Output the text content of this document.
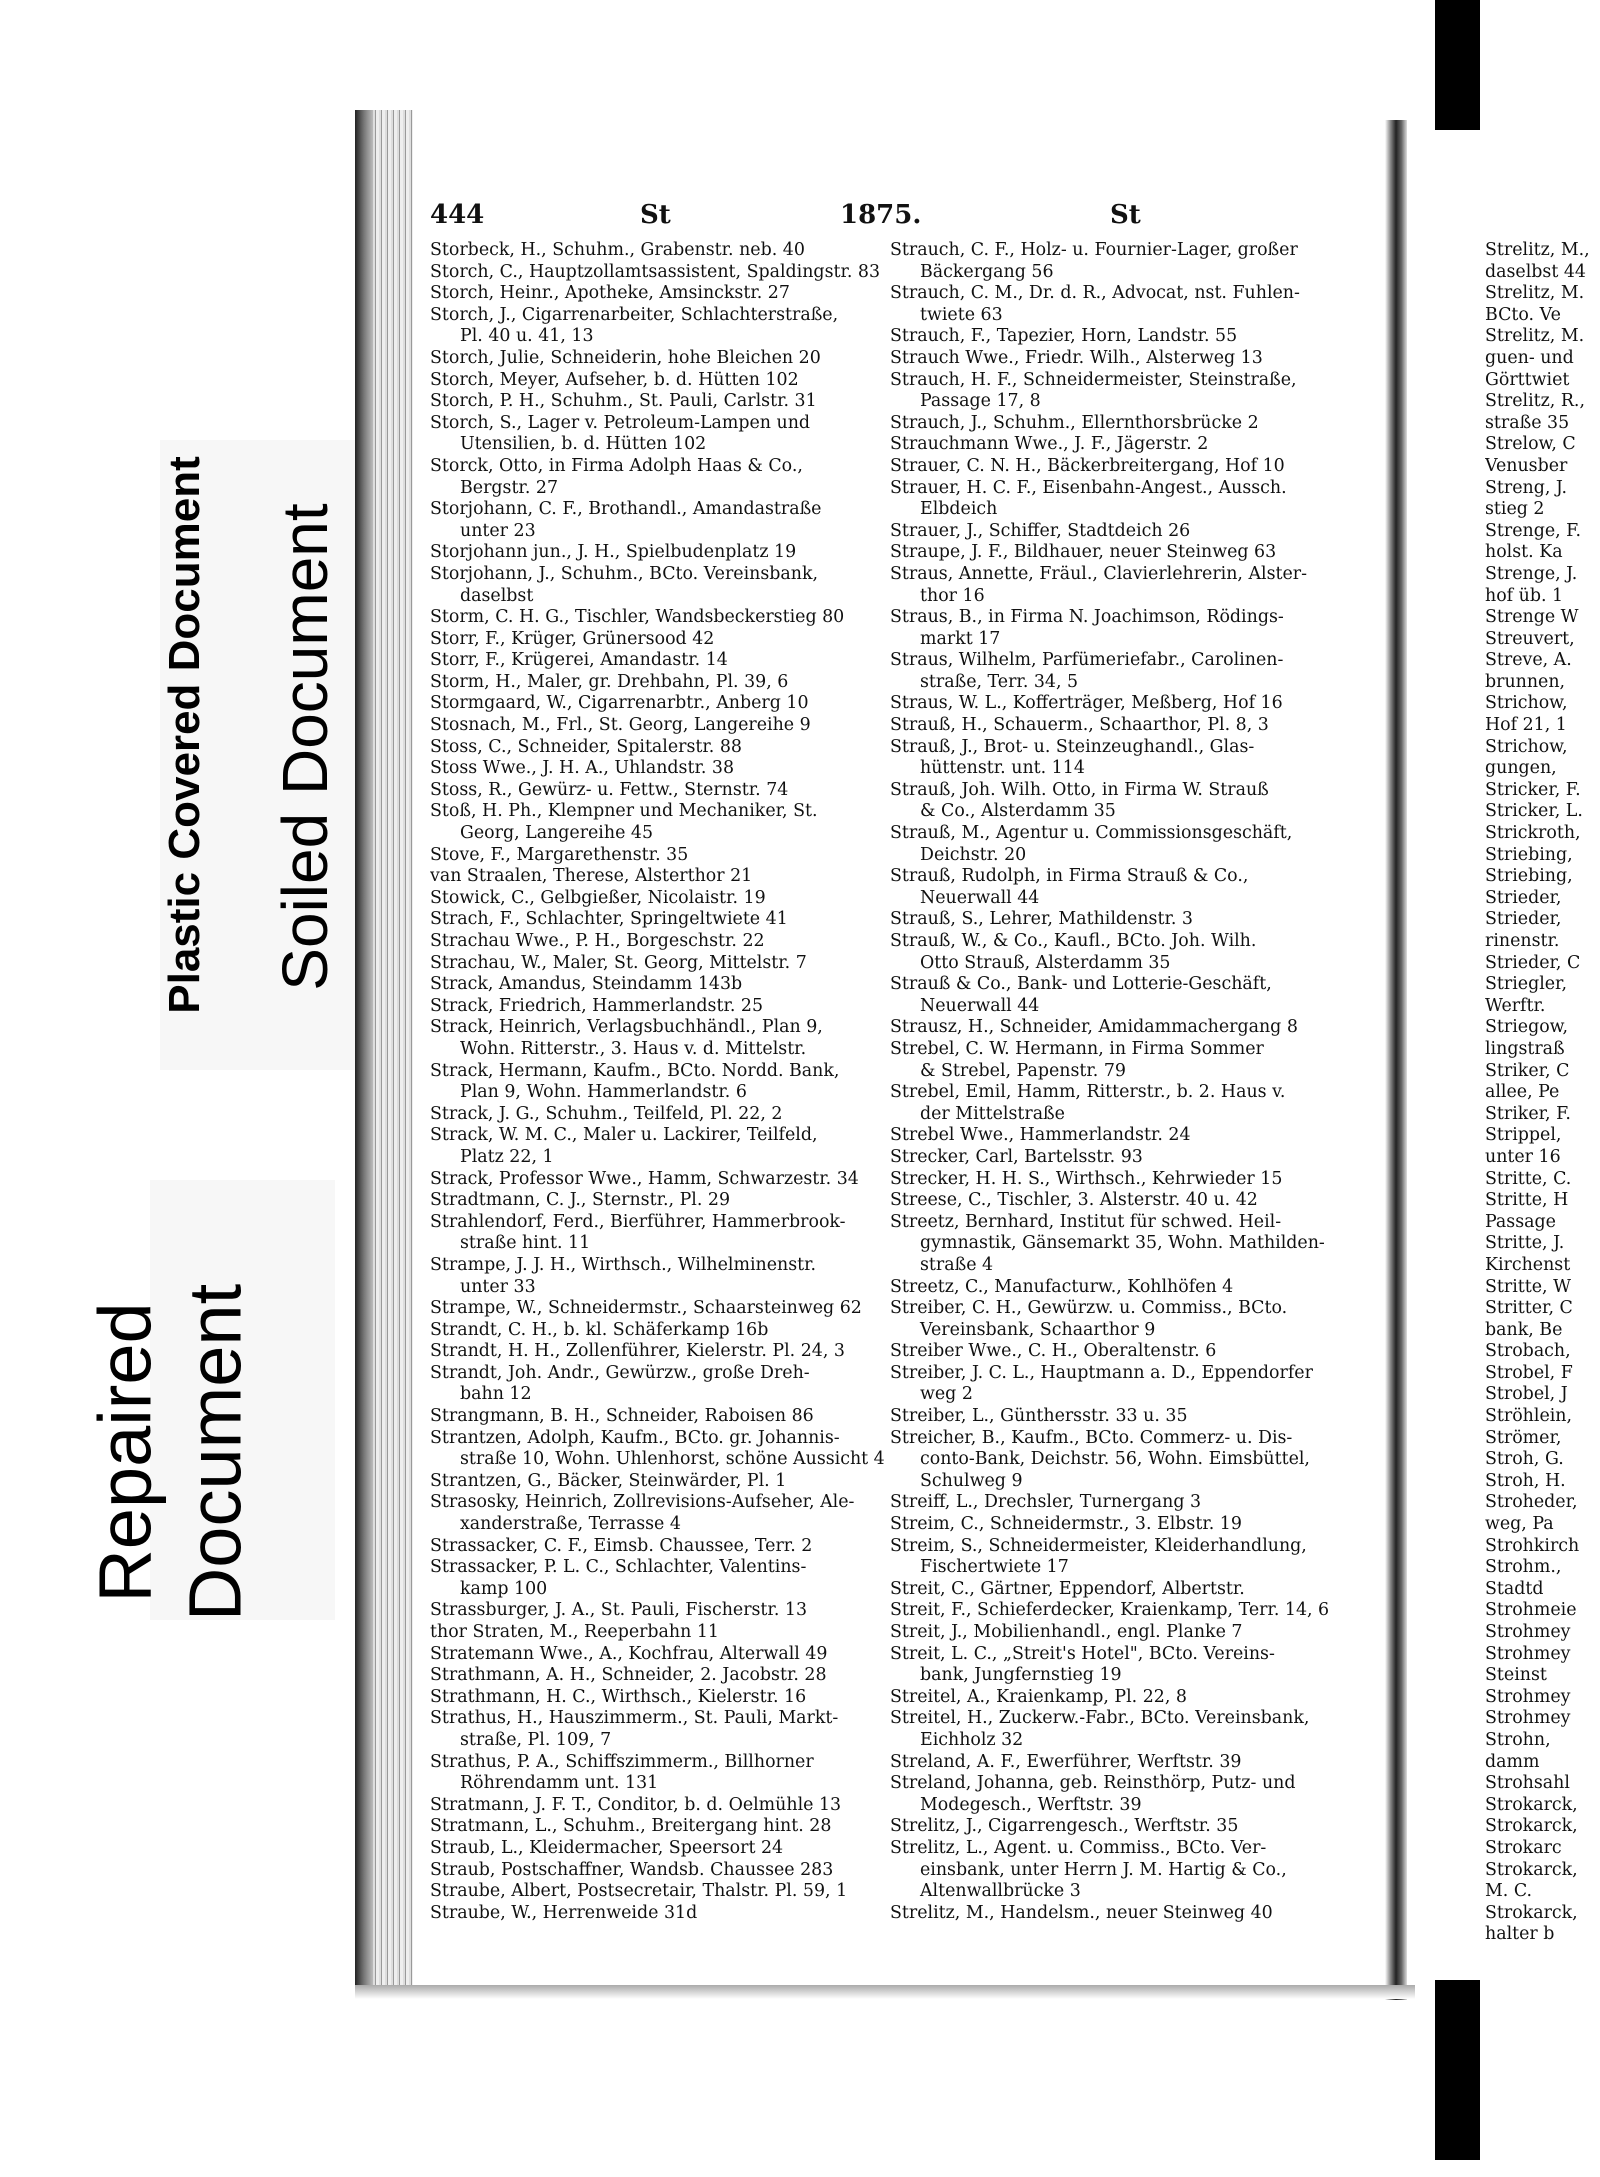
Plastic Covered Document Soiled Document
Repaired Document
444	St	1875.	St
Storbeck, H., Schuhm., Grabenstr. neb. 40
Storch, C., Hauptzollamtsassistent, Spaldingstr. 83
Storch, Heinr., Apotheke, Amsinckstr. 27
Storch, J., Cigarrenarbeiter, Schlachterstraße,
Pl. 40 u. 41, 13
Storch, Julie, Schneiderin, hohe Bleichen 20
Storch, Meyer, Aufseher, b. d. Hütten 102
Storch, P. H., Schuhm., St. Pauli, Carlstr. 31
Storch, S., Lager v. Petroleum-Lampen und
Utensilien, b. d. Hütten 102
Storck, Otto, in Firma Adolph Haas & Co.,
Bergstr. 27
Storjohann, C. F., Brothandl., Amandastraße
unter 23
Storjohann jun., J. H., Spielbudenplatz 19
Storjohann, J., Schuhm., BCto. Vereinsbank,
daselbst
Storm, C. H. G., Tischler, Wandsbeckerstieg 80
Storr, F., Krüger, Grünersood 42
Storr, F., Krügerei, Amandastr. 14
Storm, H., Maler, gr. Drehbahn, Pl. 39, 6
Stormgaard, W., Cigarrenarbtr., Anberg 10
Stosnach, M., Frl., St. Georg, Langereihe 9
Stoss, C., Schneider, Spitalerstr. 88
Stoss Wwe., J. H. A., Uhlandstr. 38
Stoss, R., Gewürz- u. Fettw., Sternstr. 74
Stoß, H. Ph., Klempner und Mechaniker, St.
Georg, Langereihe 45
Stove, F., Margarethenstr. 35
van Straalen, Therese, Alsterthor 21
Stowick, C., Gelbgießer, Nicolaistr. 19
Strach, F., Schlachter, Springeltwiete 41
Strachau Wwe., P. H., Borgeschstr. 22
Strachau, W., Maler, St. Georg, Mittelstr. 7
Strack, Amandus, Steindamm 143b
Strack, Friedrich, Hammerlandstr. 25
Strack, Heinrich, Verlagsbuchhändl., Plan 9,
Wohn. Ritterstr., 3. Haus v. d. Mittelstr.
Strack, Hermann, Kaufm., BCto. Nordd. Bank,
Plan 9, Wohn. Hammerlandstr. 6
Strack, J. G., Schuhm., Teilfeld, Pl. 22, 2
Strack, W. M. C., Maler u. Lackirer, Teilfeld,
Platz 22, 1
Strack, Professor Wwe., Hamm, Schwarzestr. 34
Stradtmann, C. J., Sternstr., Pl. 29
Strahlendorf, Ferd., Bierführer, Hammerbrook-
straße hint. 11
Strampe, J. J. H., Wirthsch., Wilhelminenstr.
unter 33
Strampe, W., Schneidermstr., Schaarsteinweg 62
Strandt, C. H., b. kl. Schäferkamp 16b
Strandt, H. H., Zollenführer, Kielerstr. Pl. 24, 3
Strandt, Joh. Andr., Gewürzw., große Dreh-
bahn 12
Strangmann, B. H., Schneider, Raboisen 86
Strantzen, Adolph, Kaufm., BCto. gr. Johannis-
straße 10, Wohn. Uhlenhorst, schöne Aussicht 4
Strantzen, G., Bäcker, Steinwärder, Pl. 1
Strasosky, Heinrich, Zollrevisions-Aufseher, Ale-
xanderstraße, Terrasse 4
Strassacker, C. F., Eimsb. Chaussee, Terr. 2
Strassacker, P. L. C., Schlachter, Valentins-
kamp 100
Strassburger, J. A., St. Pauli, Fischerstr. 13
thor Straten, M., Reeperbahn 11
Stratemann Wwe., A., Kochfrau, Alterwall 49
Strathmann, A. H., Schneider, 2. Jacobstr. 28
Strathmann, H. C., Wirthsch., Kielerstr. 16
Strathus, H., Hauszimmerm., St. Pauli, Markt-
straße, Pl. 109, 7
Strathus, P. A., Schiffszimmerm., Billhorner
Röhrendamm unt. 131
Stratmann, J. F. T., Conditor, b. d. Oelmühle 13
Stratmann, L., Schuhm., Breitergang hint. 28
Straub, L., Kleidermacher, Speersort 24
Straub, Postschaffner, Wandsb. Chaussee 283
Straube, Albert, Postsecretair, Thalstr. Pl. 59, 1
Straube, W., Herrenweide 31d
Strauch, C. F., Holz- u. Fournier-Lager, großer
Bäckergang 56
Strauch, C. M., Dr. d. R., Advocat, nst. Fuhlen-
twiete 63
Strauch, F., Tapezier, Horn, Landstr. 55
Strauch Wwe., Friedr. Wilh., Alsterweg 13
Strauch, H. F., Schneidermeister, Steinstraße,
Passage 17, 8
Strauch, J., Schuhm., Ellernthorsbrücke 2
Strauchmann Wwe., J. F., Jägerstr. 2
Strauer, C. N. H., Bäckerbreitergang, Hof 10
Strauer, H. C. F., Eisenbahn-Angest., Aussch.
Elbdeich
Strauer, J., Schiffer, Stadtdeich 26
Straupe, J. F., Bildhauer, neuer Steinweg 63
Straus, Annette, Fräul., Clavierlehrerin, Alster-
thor 16
Straus, B., in Firma N. Joachimson, Rödings-
markt 17
Straus, Wilhelm, Parfümeriefabr., Carolinen-
straße, Terr. 34, 5
Straus, W. L., Kofferträger, Meßberg, Hof 16
Strauß, H., Schauerm., Schaarthor, Pl. 8, 3
Strauß, J., Brot- u. Steinzeughandl., Glas-
hüttenstr. unt. 114
Strauß, Joh. Wilh. Otto, in Firma W. Strauß
& Co., Alsterdamm 35
Strauß, M., Agentur u. Commissionsgeschäft,
Deichstr. 20
Strauß, Rudolph, in Firma Strauß & Co.,
Neuerwall 44
Strauß, S., Lehrer, Mathildenstr. 3
Strauß, W., & Co., Kaufl., BCto. Joh. Wilh.
Otto Strauß, Alsterdamm 35
Strauß & Co., Bank- und Lotterie-Geschäft,
Neuerwall 44
Strausz, H., Schneider, Amidammachergang 8
Strebel, C. W. Hermann, in Firma Sommer
& Strebel, Papenstr. 79
Strebel, Emil, Hamm, Ritterstr., b. 2. Haus v.
der Mittelstraße
Strebel Wwe., Hammerlandstr. 24
Strecker, Carl, Bartelsstr. 93
Strecker, H. H. S., Wirthsch., Kehrwieder 15
Streese, C., Tischler, 3. Alsterstr. 40 u. 42
Streetz, Bernhard, Institut für schwed. Heil-
gymnastik, Gänsemarkt 35, Wohn. Mathilden-
straße 4
Streetz, C., Manufacturw., Kohlhöfen 4
Streiber, C. H., Gewürzw. u. Commiss., BCto.
Vereinsbank, Schaarthor 9
Streiber Wwe., C. H., Oberaltenstr. 6
Streiber, J. C. L., Hauptmann a. D., Eppendorfer
weg 2
Streiber, L., Günthersstr. 33 u. 35
Streicher, B., Kaufm., BCto. Commerz- u. Dis-
conto-Bank, Deichstr. 56, Wohn. Eimsbüttel,
Schulweg 9
Streiff, L., Drechsler, Turnergang 3
Streim, C., Schneidermstr., 3. Elbstr. 19
Streim, S., Schneidermeister, Kleiderhandlung,
Fischertwiete 17
Streit, C., Gärtner, Eppendorf, Albertstr.
Streit, F., Schieferdecker, Kraienkamp, Terr. 14, 6
Streit, J., Mobilienhandl., engl. Planke 7
Streit, L. C., „Streit's Hotel", BCto. Vereins-
bank, Jungfernstieg 19
Streitel, A., Kraienkamp, Pl. 22, 8
Streitel, H., Zuckerw.-Fabr., BCto. Vereinsbank,
Eichholz 32
Streland, A. F., Ewerführer, Werftstr. 39
Streland, Johanna, geb. Reinsthörp, Putz- und
Modegesch., Werftstr. 39
Strelitz, J., Cigarrengesch., Werftstr. 35
Strelitz, L., Agent. u. Commiss., BCto. Ver-
einsbank, unter Herrn J. M. Hartig & Co.,
Altenwallbrücke 3
Strelitz, M., Handelsm., neuer Steinweg 40
Strelitz, M.,
daselbst 44
Strelitz, M.
BCto. Ve
Strelitz, M.
guen- und
Görttwiet
Strelitz, R.,
straße 35
Strelow, C
Venusber
Streng, J.
stieg 2
Strenge, F.
holst. Ka
Strenge, J.
hof üb. 1
Strenge W
Streuvert,
Streve, A.
brunnen,
Strichow,
Hof 21, 1
Strichow,
gungen,
Stricker, F.
Stricker, L.
Strickroth,
Striebing,
Striebing,
Strieder,
Strieder,
rinenstr.
Strieder, C
Striegler,
Werftr.
Striegow,
lingstraß
Striker, C
allee, Pe
Striker, F.
Strippel,
unter 16
Stritte, C.
Stritte, H
Passage
Stritte, J.
Kirchenst
Stritte, W
Stritter, C
bank, Be
Strobach,
Strobel, F
Strobel, J
Ströhlein,
Strömer,
Stroh, G.
Stroh, H.
Stroheder,
weg, Pa
Strohkirch
Strohm.,
Stadtd
Strohmeie
Strohmey
Strohmey
Steinst
Strohmey
Strohmey
Strohn,
damm
Strohsahl
Strokarck,
Strokarck,
Strokarc
Strokarck,
M. C.
Strokarck,
halter b
